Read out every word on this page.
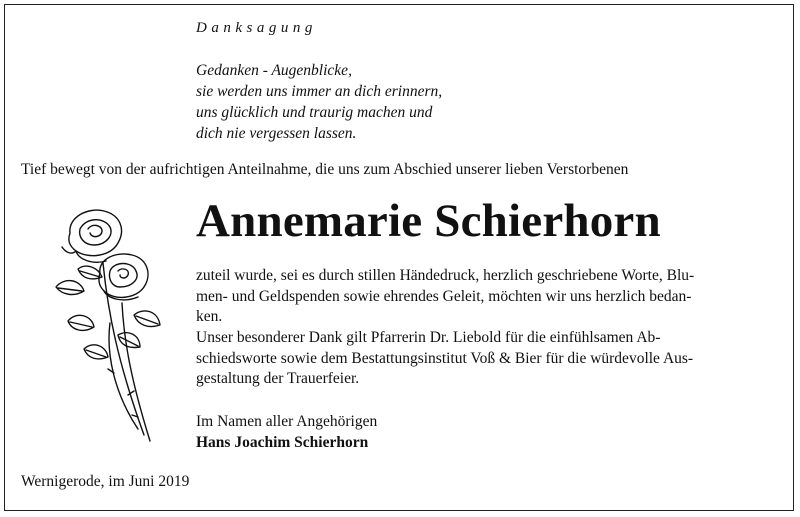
Danksagung
Gedanken - Augenblicke,
sie werden uns immer an dich erinnern,
uns glücklich und traurig machen und
dich nie vergessen lassen.
Tief bewegt von der aufrichtigen Anteilnahme, die uns zum Abschied unserer lieben Verstorbenen
Annemarie Schierhorn
zuteil wurde, sei es durch stillen Händedruck, herzlich geschriebene Worte, Blu-
men- und Geldspenden sowie ehrendes Geleit, möchten wir uns herzlich bedan-
ken.
Unser besonderer Dank gilt Pfarrerin Dr. Liebold für die einfühlsamen Ab-
schiedsworte sowie dem Bestattungsinstitut Voß & Bier für die würdevolle Aus-
gestaltung der Trauerfeier.
Im Namen aller Angehörigen
Hans Joachim Schierhorn
Wernigerode, im Juni 2019
